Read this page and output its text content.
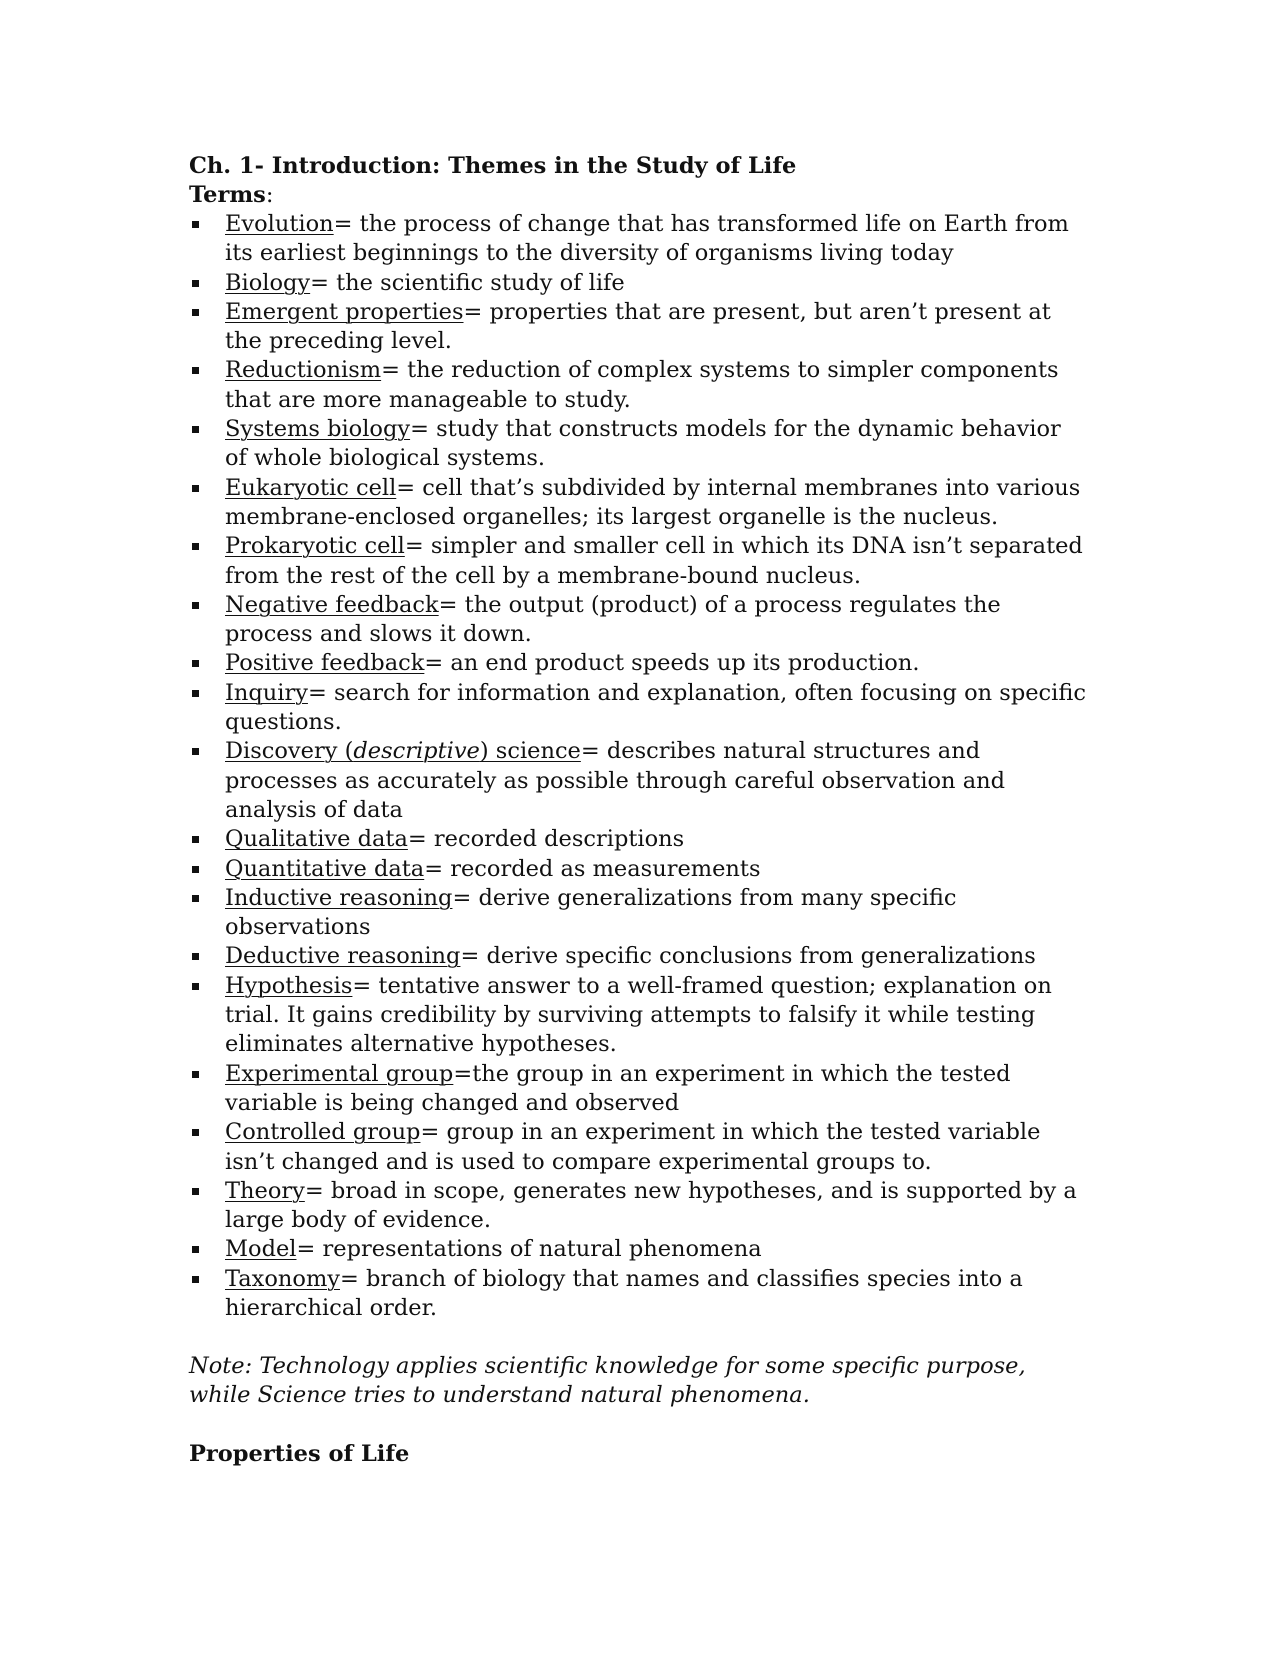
Ch. 1- Introduction: Themes in the Study of Life

Terms:

Evolution= the process of change that has transformed life on Earth from its earliest beginnings to the diversity of organisms living today
Biology= the scientific study of life
Emergent properties= properties that are present, but aren’t present at the preceding level.
Reductionism= the reduction of complex systems to simpler components that are more manageable to study.
Systems biology= study that constructs models for the dynamic behavior of whole biological systems.
Eukaryotic cell= cell that’s subdivided by internal membranes into various membrane-enclosed organelles; its largest organelle is the nucleus.
Prokaryotic cell= simpler and smaller cell in which its DNA isn’t separated from the rest of the cell by a membrane-bound nucleus.
Negative feedback= the output (product) of a process regulates the process and slows it down.
Positive feedback= an end product speeds up its production.
Inquiry= search for information and explanation, often focusing on specific questions.
Discovery (descriptive) science= describes natural structures and processes as accurately as possible through careful observation and analysis of data
Qualitative data= recorded descriptions
Quantitative data= recorded as measurements
Inductive reasoning= derive generalizations from many specific observations
Deductive reasoning= derive specific conclusions from generalizations
Hypothesis= tentative answer to a well-framed question; explanation on trial. It gains credibility by surviving attempts to falsify it while testing eliminates alternative hypotheses.
Experimental group=the group in an experiment in which the tested variable is being changed and observed
Controlled group= group in an experiment in which the tested variable isn’t changed and is used to compare experimental groups to.
Theory= broad in scope, generates new hypotheses, and is supported by a large body of evidence.
Model= representations of natural phenomena
Taxonomy= branch of biology that names and classifies species into a hierarchical order.

Note: Technology applies scientific knowledge for some specific purpose, while Science tries to understand natural phenomena.

Properties of Life
